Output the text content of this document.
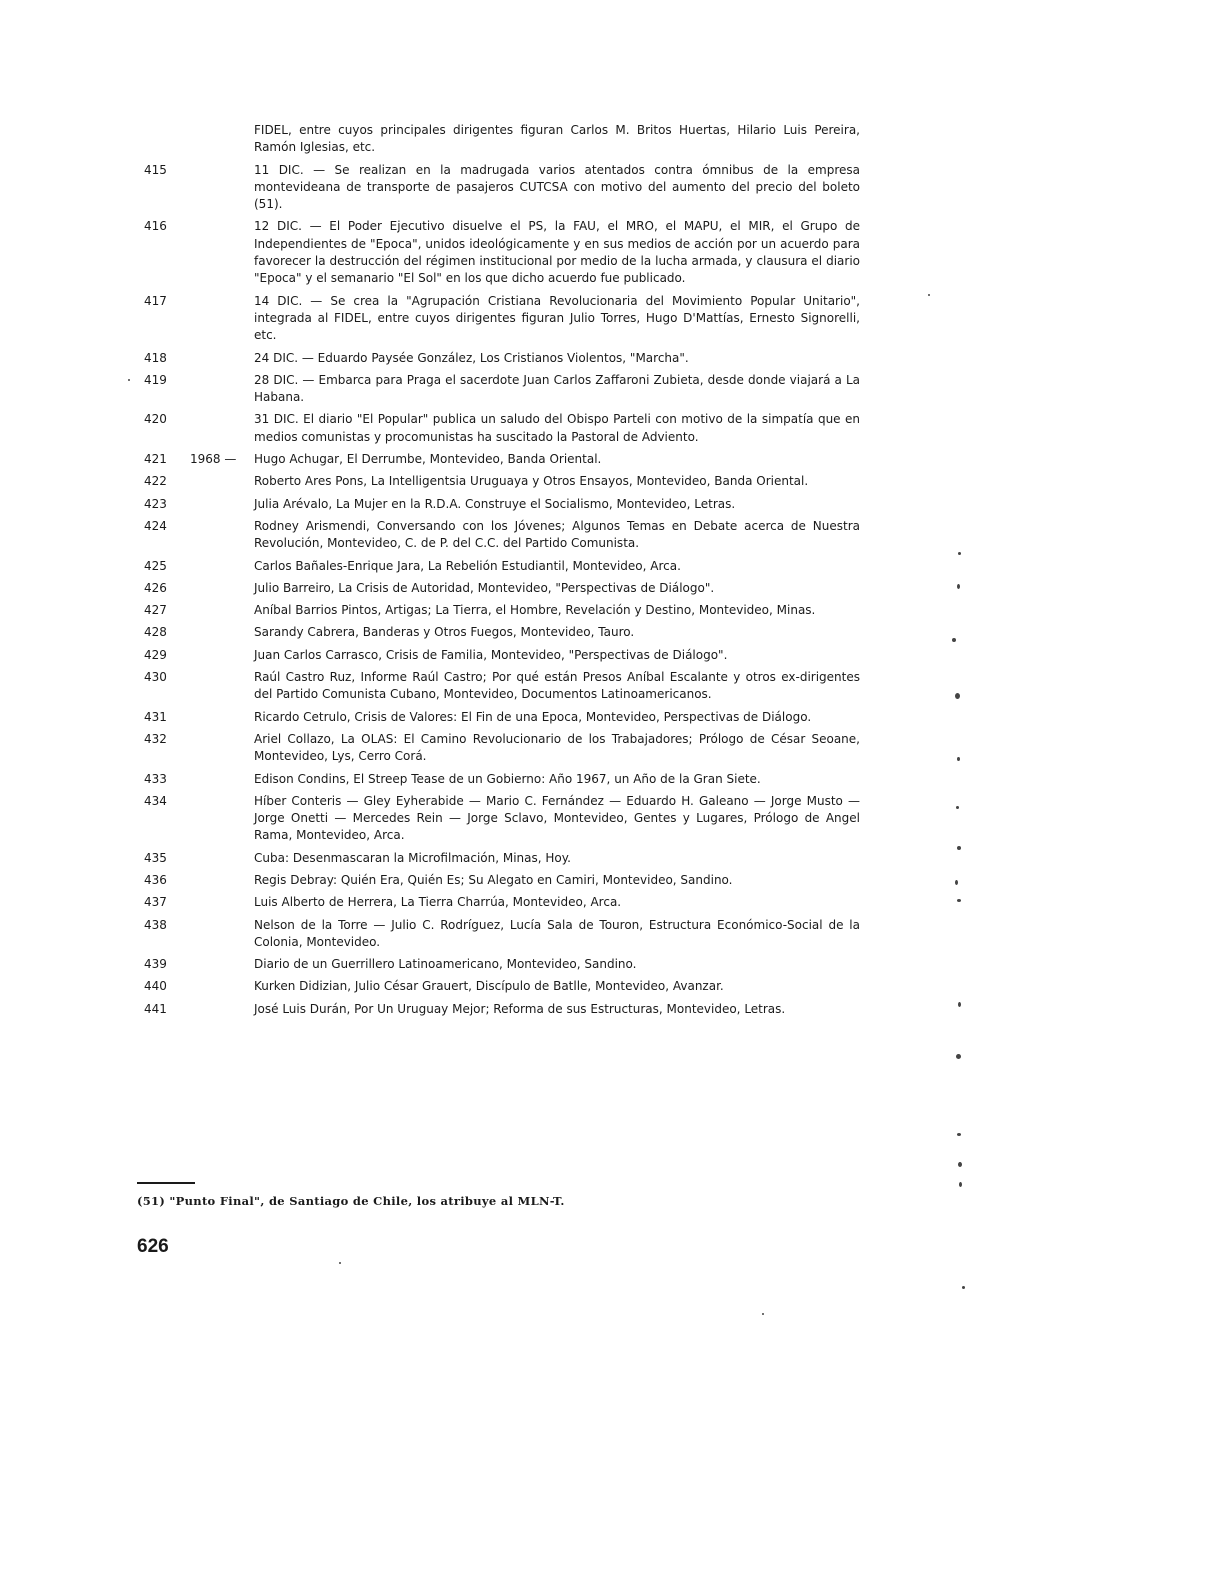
FIDEL, entre cuyos principales dirigentes figuran Carlos M. Britos Huertas, Hilario Luis Pereira, Ramón Iglesias, etc.
415	11 DIC. — Se realizan en la madrugada varios atentados contra ómnibus de la empresa montevideana de transporte de pasajeros CUTCSA con motivo del aumento del precio del boleto (51).
416	12 DIC. — El Poder Ejecutivo disuelve el PS, la FAU, el MRO, el MAPU, el MIR, el Grupo de Independientes de "Epoca", unidos ideológicamente y en sus medios de acción por un acuerdo para favorecer la destrucción del régimen institucional por medio de la lucha armada, y clausura el diario "Epoca" y el semanario "El Sol" en los que dicho acuerdo fue publicado.
417	14 DIC. — Se crea la "Agrupación Cristiana Revolucionaria del Movimiento Popular Unitario", integrada al FIDEL, entre cuyos dirigentes figuran Julio Torres, Hugo D'Mattías, Ernesto Signorelli, etc.
418	24 DIC. — Eduardo Paysée González, Los Cristianos Violentos, "Marcha".
419	28 DIC. — Embarca para Praga el sacerdote Juan Carlos Zaffaroni Zubieta, desde donde viajará a La Habana.
420	31 DIC. El diario "El Popular" publica un saludo del Obispo Parteli con motivo de la simpatía que en medios comunistas y procomunistas ha suscitado la Pastoral de Adviento.
421	1968 —	Hugo Achugar, El Derrumbe, Montevideo, Banda Oriental.
422	Roberto Ares Pons, La Intelligentsia Uruguaya y Otros Ensayos, Montevideo, Banda Oriental.
423	Julia Arévalo, La Mujer en la R.D.A. Construye el Socialismo, Montevideo, Letras.
424	Rodney Arismendi, Conversando con los Jóvenes; Algunos Temas en Debate acerca de Nuestra Revolución, Montevideo, C. de P. del C.C. del Partido Comunista.
425	Carlos Bañales-Enrique Jara, La Rebelión Estudiantil, Montevideo, Arca.
426	Julio Barreiro, La Crisis de Autoridad, Montevideo, "Perspectivas de Diálogo".
427	Aníbal Barrios Pintos, Artigas; La Tierra, el Hombre, Revelación y Destino, Montevideo, Minas.
428	Sarandy Cabrera, Banderas y Otros Fuegos, Montevideo, Tauro.
429	Juan Carlos Carrasco, Crisis de Familia, Montevideo, "Perspectivas de Diálogo".
430	Raúl Castro Ruz, Informe Raúl Castro; Por qué están Presos Aníbal Escalante y otros ex-dirigentes del Partido Comunista Cubano, Montevideo, Documentos Latinoamericanos.
431	Ricardo Cetrulo, Crisis de Valores: El Fin de una Epoca, Montevideo, Perspectivas de Diálogo.
432	Ariel Collazo, La OLAS: El Camino Revolucionario de los Trabajadores; Prólogo de César Seoane, Montevideo, Lys, Cerro Corá.
433	Edison Condins, El Streep Tease de un Gobierno: Año 1967, un Año de la Gran Siete.
434	Híber Conteris — Gley Eyherabide — Mario C. Fernández — Eduardo H. Galeano — Jorge Musto — Jorge Onetti — Mercedes Rein — Jorge Sclavo, Montevideo, Gentes y Lugares, Prólogo de Angel Rama, Montevideo, Arca.
435	Cuba: Desenmascaran la Microfilmación, Minas, Hoy.
436	Regis Debray: Quién Era, Quién Es; Su Alegato en Camiri, Montevideo, Sandino.
437	Luis Alberto de Herrera, La Tierra Charrúa, Montevideo, Arca.
438	Nelson de la Torre — Julio C. Rodríguez, Lucía Sala de Touron, Estructura Económico-Social de la Colonia, Montevideo.
439	Diario de un Guerrillero Latinoamericano, Montevideo, Sandino.
440	Kurken Didizian, Julio César Grauert, Discípulo de Batlle, Montevideo, Avanzar.
441	José Luis Durán, Por Un Uruguay Mejor; Reforma de sus Estructuras, Montevideo, Letras.
(51) "Punto Final", de Santiago de Chile, los atribuye al MLN-T.
626
